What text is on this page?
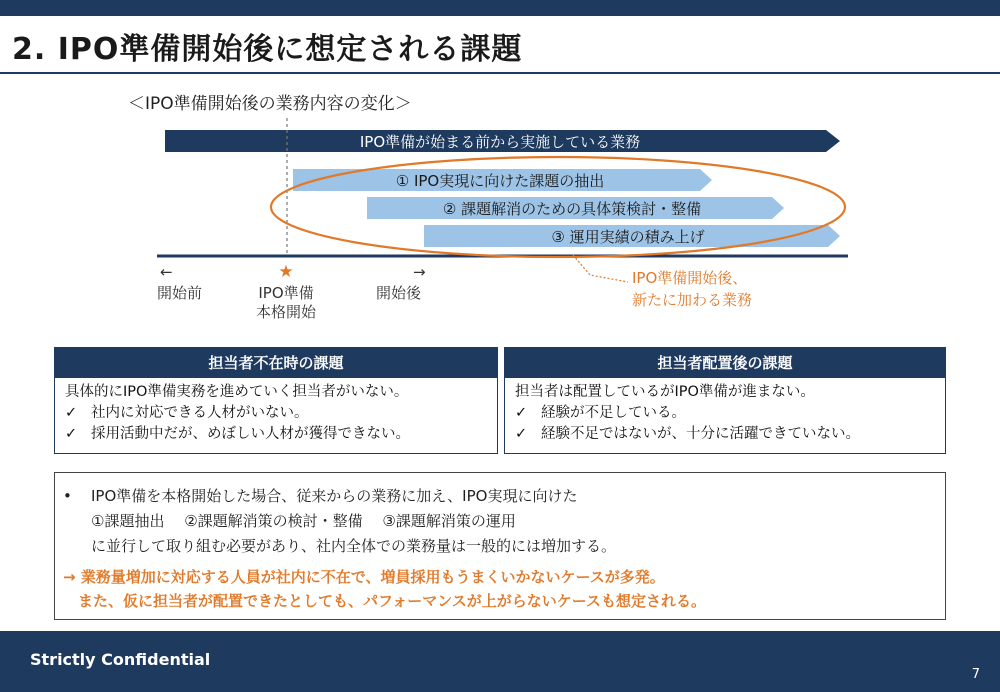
2. IPO準備開始後に想定される課題
＜IPO準備開始後の業務内容の変化＞
IPO準備が始まる前から実施している業務
① IPO実現に向けた課題の抽出
② 課題解消のための具体策検討・整備
③ 運用実績の積み上げ
←
開始前
★
IPO準備
本格開始
→
開始後
IPO準備開始後、
新たに加わる業務
担当者不在時の課題
具体的にIPO準備実務を進めていく担当者がいない。
✓ 社内に対応できる人材がいない。
✓ 採用活動中だが、めぼしい人材が獲得できない。
担当者配置後の課題
担当者は配置しているがIPO準備が進まない。
✓ 経験が不足している。
✓ 経験不足ではないが、十分に活躍できていない。
• IPO準備を本格開始した場合、従来からの業務に加え、IPO実現に向けた
①課題抽出　 ②課題解消策の検討・整備　 ③課題解消策の運用
に並行して取り組む必要があり、社内全体での業務量は一般的には増加する。
→ 業務量増加に対応する人員が社内に不在で、増員採用もうまくいかないケースが多発。
　また、仮に担当者が配置できたとしても、パフォーマンスが上がらないケースも想定される。
Strictly Confidential
7
